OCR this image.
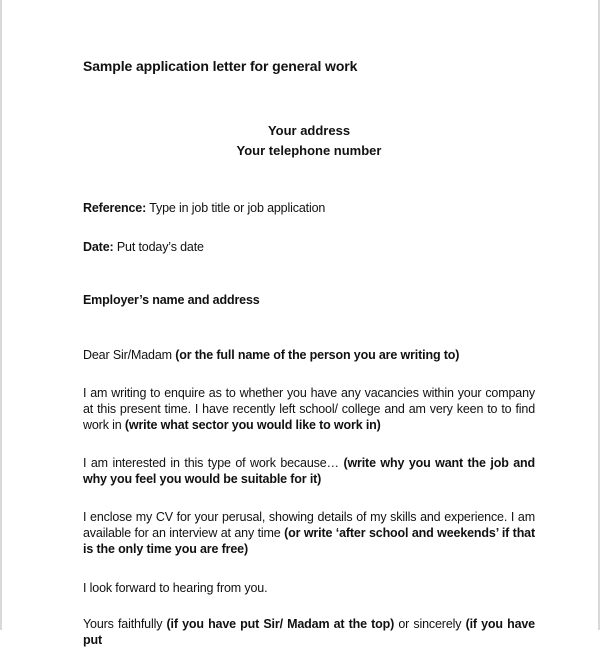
Sample application letter for general work
Your address
Your telephone number
Reference: Type in job title or job application
Date: Put today’s date
Employer’s name and address
Dear Sir/Madam (or the full name of the person you are writing to)
I am writing to enquire as to whether you have any vacancies within your company at this present time. I have recently left school/ college and am very keen to to find work in (write what sector you would like to work in)
I am interested in this type of work because… (write why you want the job and why you feel you would be suitable for it)
I enclose my CV for your perusal, showing details of my skills and experience. I am available for an interview at any time (or write ‘after school and weekends’ if that is the only time you are free)
I look forward to hearing from you.
Yours faithfully (if you have put Sir/ Madam at the top) or sincerely (if you have put
